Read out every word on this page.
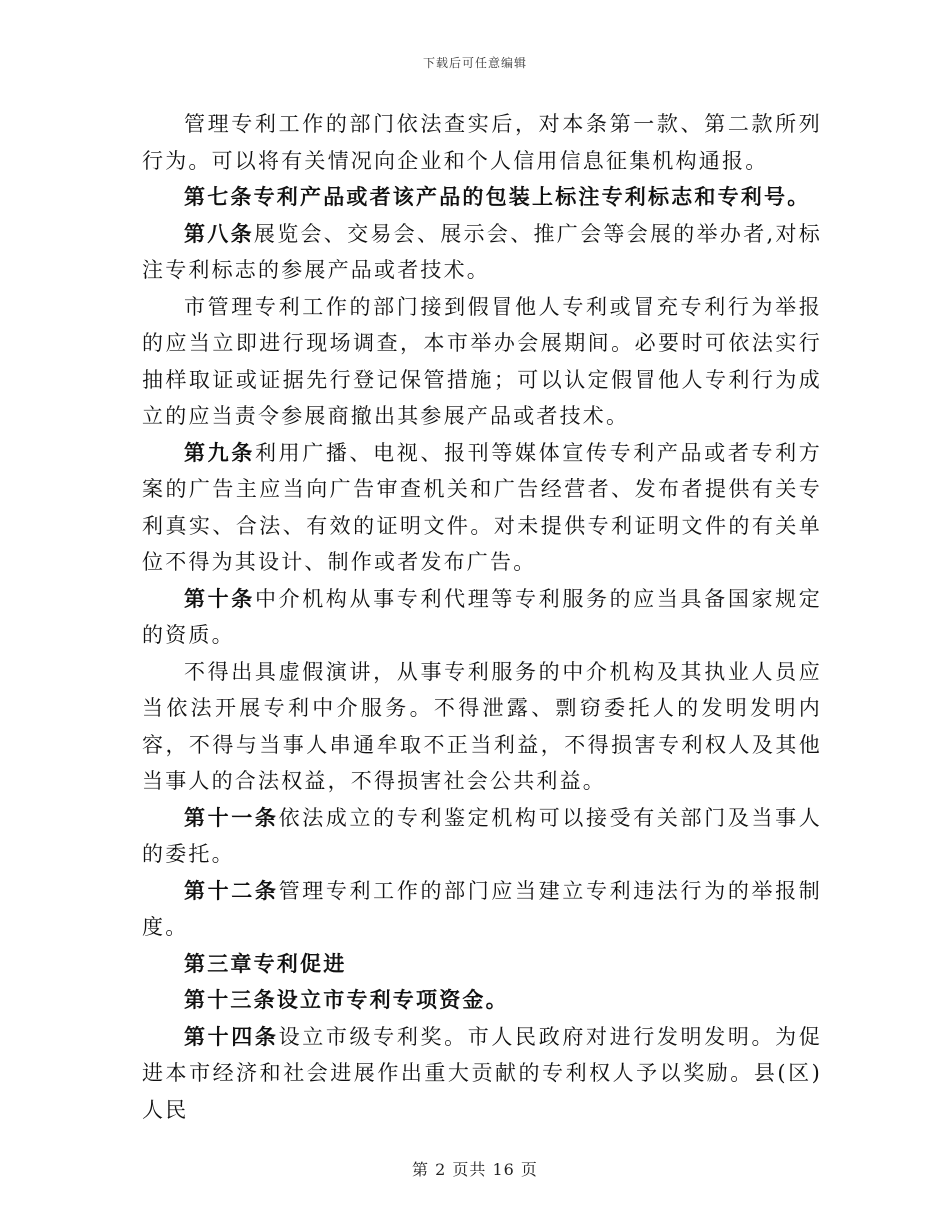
下载后可任意编辑

管理专利工作的部门依法查实后，对本条第一款、第二款所列行为。可以将有关情况向企业和个人信用信息征集机构通报。

第七条专利产品或者该产品的包装上标注专利标志和专利号。

第八条展览会、交易会、展示会、推广会等会展的举办者,对标注专利标志的参展产品或者技术。

市管理专利工作的部门接到假冒他人专利或冒充专利行为举报的应当立即进行现场调查，本市举办会展期间。必要时可依法实行抽样取证或证据先行登记保管措施；可以认定假冒他人专利行为成立的应当责令参展商撤出其参展产品或者技术。

第九条利用广播、电视、报刊等媒体宣传专利产品或者专利方案的广告主应当向广告审查机关和广告经营者、发布者提供有关专利真实、合法、有效的证明文件。对未提供专利证明文件的有关单位不得为其设计、制作或者发布广告。

第十条中介机构从事专利代理等专利服务的应当具备国家规定的资质。

不得出具虚假演讲，从事专利服务的中介机构及其执业人员应当依法开展专利中介服务。不得泄露、剽窃委托人的发明发明内容，不得与当事人串通牟取不正当利益，不得损害专利权人及其他当事人的合法权益，不得损害社会公共利益。

第十一条依法成立的专利鉴定机构可以接受有关部门及当事人的委托。

第十二条管理专利工作的部门应当建立专利违法行为的举报制度。

第三章专利促进

第十三条设立市专利专项资金。

第十四条设立市级专利奖。市人民政府对进行发明发明。为促进本市经济和社会进展作出重大贡献的专利权人予以奖励。县(区)人民

第 2 页共 16 页
